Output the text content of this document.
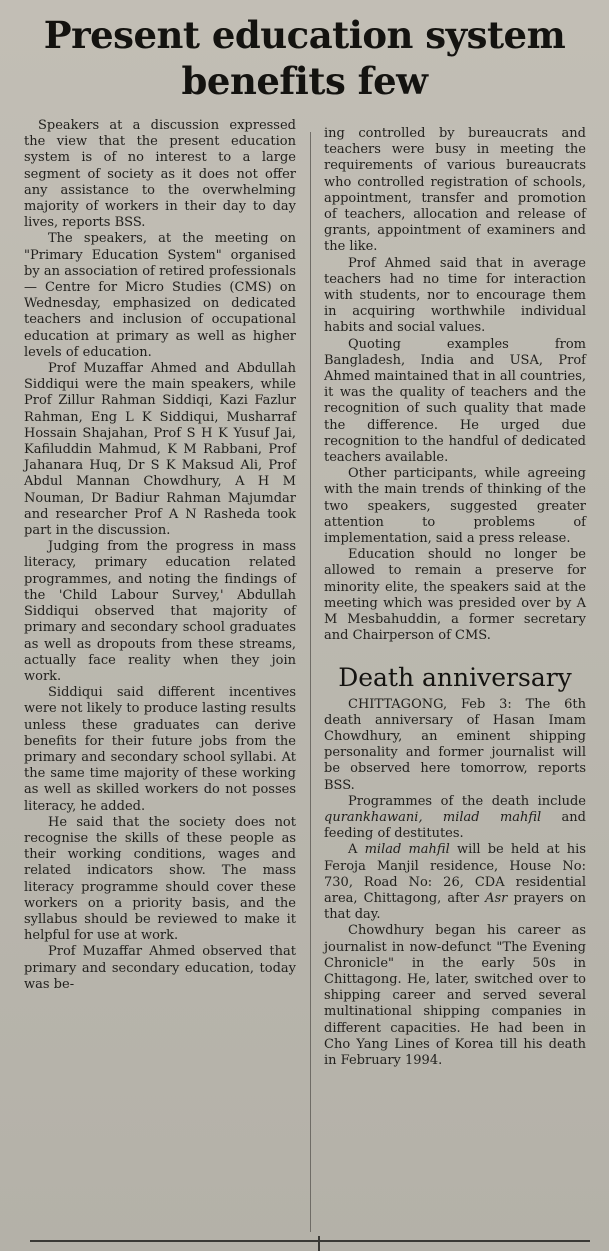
Present education system
benefits few

Speakers at a discussion expressed the view that the present education system is of no interest to a large segment of society as it does not offer any assistance to the overwhelming majority of workers in their day to day lives, reports BSS.

The speakers, at the meeting on "Primary Education System" organised by an association of retired professionals — Centre for Micro Studies (CMS) on Wednesday, emphasized on dedicated teachers and inclusion of occupational education at primary as well as higher levels of education.

Prof Muzaffar Ahmed and Abdullah Siddiqui were the main speakers, while Prof Zillur Rahman Siddiqi, Kazi Fazlur Rahman, Eng L K Siddiqui, Musharraf Hossain Shajahan, Prof S H K Yusuf Jai, Kafiluddin Mahmud, K M Rabbani, Prof Jahanara Huq, Dr S K Maksud Ali, Prof Abdul Mannan Chowdhury, A H M Nouman, Dr Badiur Rahman Majumdar and researcher Prof A N Rasheda took part in the discussion.

Judging from the progress in mass literacy, primary education related programmes, and noting the findings of the 'Child Labour Survey,' Abdullah Siddiqui observed that majority of primary and secondary school graduates as well as dropouts from these streams, actually face reality when they join work.

Siddiqui said different incentives were not likely to produce lasting results unless these graduates can derive benefits for their future jobs from the primary and secondary school syllabi. At the same time majority of these working as well as skilled workers do not posses literacy, he added.

He said that the society does not recognise the skills of these people as their working conditions, wages and related indicators show. The mass literacy programme should cover these workers on a priority basis, and the syllabus should be reviewed to make it helpful for use at work.

Prof Muzaffar Ahmed observed that primary and secondary education, today was be-

ing controlled by bureaucrats and teachers were busy in meeting the requirements of various bureaucrats who controlled registration of schools, appointment, transfer and promotion of teachers, allocation and release of grants, appointment of examiners and the like.

Prof Ahmed said that in average teachers had no time for interaction with students, nor to encourage them in acquiring worthwhile individual habits and social values.

Quoting examples from Bangladesh, India and USA, Prof Ahmed maintained that in all countries, it was the quality of teachers and the recognition of such quality that made the difference. He urged due recognition to the handful of dedicated teachers available.

Other participants, while agreeing with the main trends of thinking of the two speakers, suggested greater attention to problems of implementation, said a press release.

Education should no longer be allowed to remain a preserve for minority elite, the speakers said at the meeting which was presided over by A M Mesbahuddin, a former secretary and Chairperson of CMS.

Death anniversary

CHITTAGONG, Feb 3: The 6th death anniversary of Hasan Imam Chowdhury, an eminent shipping personality and former journalist will be observed here tomorrow, reports BSS.

Programmes of the death include qurankhawani, milad mahfil and feeding of destitutes.

A milad mahfil will be held at his Feroja Manjil residence, House No: 730, Road No: 26, CDA residential area, Chittagong, after Asr prayers on that day.

Chowdhury began his career as journalist in now-defunct "The Evening Chronicle" in the early 50s in Chittagong. He, later, switched over to shipping career and served several multinational shipping companies in different capacities. He had been in Cho Yang Lines of Korea till his death in February 1994.
